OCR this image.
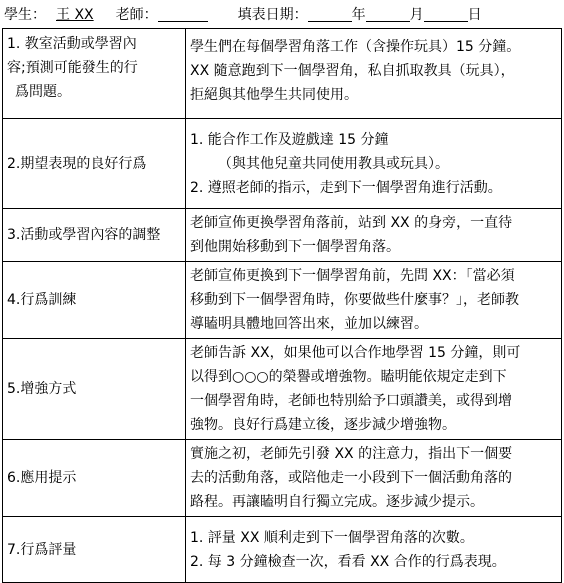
學生： 王 XX 老師：	填表日期：	年	月	日
1. 教室活動或學習內
容;預測可能發生的行
爲問題。	學生們在每個學習角落工作（含操作玩具）15 分鐘。
XX 隨意跑到下一個學習角，私自抓取教具（玩具），
拒絕與其他學生共同使用。

2.期望表現的良好行爲	1. 能合作工作及遊戲達 15 分鐘
（與其他兒童共同使用教具或玩具）。
2. 遵照老師的指示，走到下一個學習角進行活動。

3.活動或學習內容的調整	老師宣佈更換學習角落前，站到 XX 的身旁，一直待
到他開始移動到下一個學習角落。

4.行爲訓練	老師宣佈更換到下一個學習角前，先問 XX：「當必須
移動到下一個學習角時，你要做些什麼事？」，老師教
導瞌明具體地回答出來，並加以練習。

5.增強方式	老師告訴 XX，如果他可以合作地學習 15 分鐘，則可
以得到○○○的榮譽或增強物。瞌明能依規定走到下
一個學習角時，老師也特別給予口頭讚美，或得到增
強物。良好行爲建立後，逐步減少增強物。

6.應用提示	實施之初，老師先引發 XX 的注意力，指出下一個要
去的活動角落，或陪他走一小段到下一個活動角落的
路程。再讓瞌明自行獨立完成。逐步減少提示。

7.行爲評量	1. 評量 XX 順利走到下一個學習角落的次數。
2. 每 3 分鐘檢查一次，看看 XX 合作的行爲表現。
